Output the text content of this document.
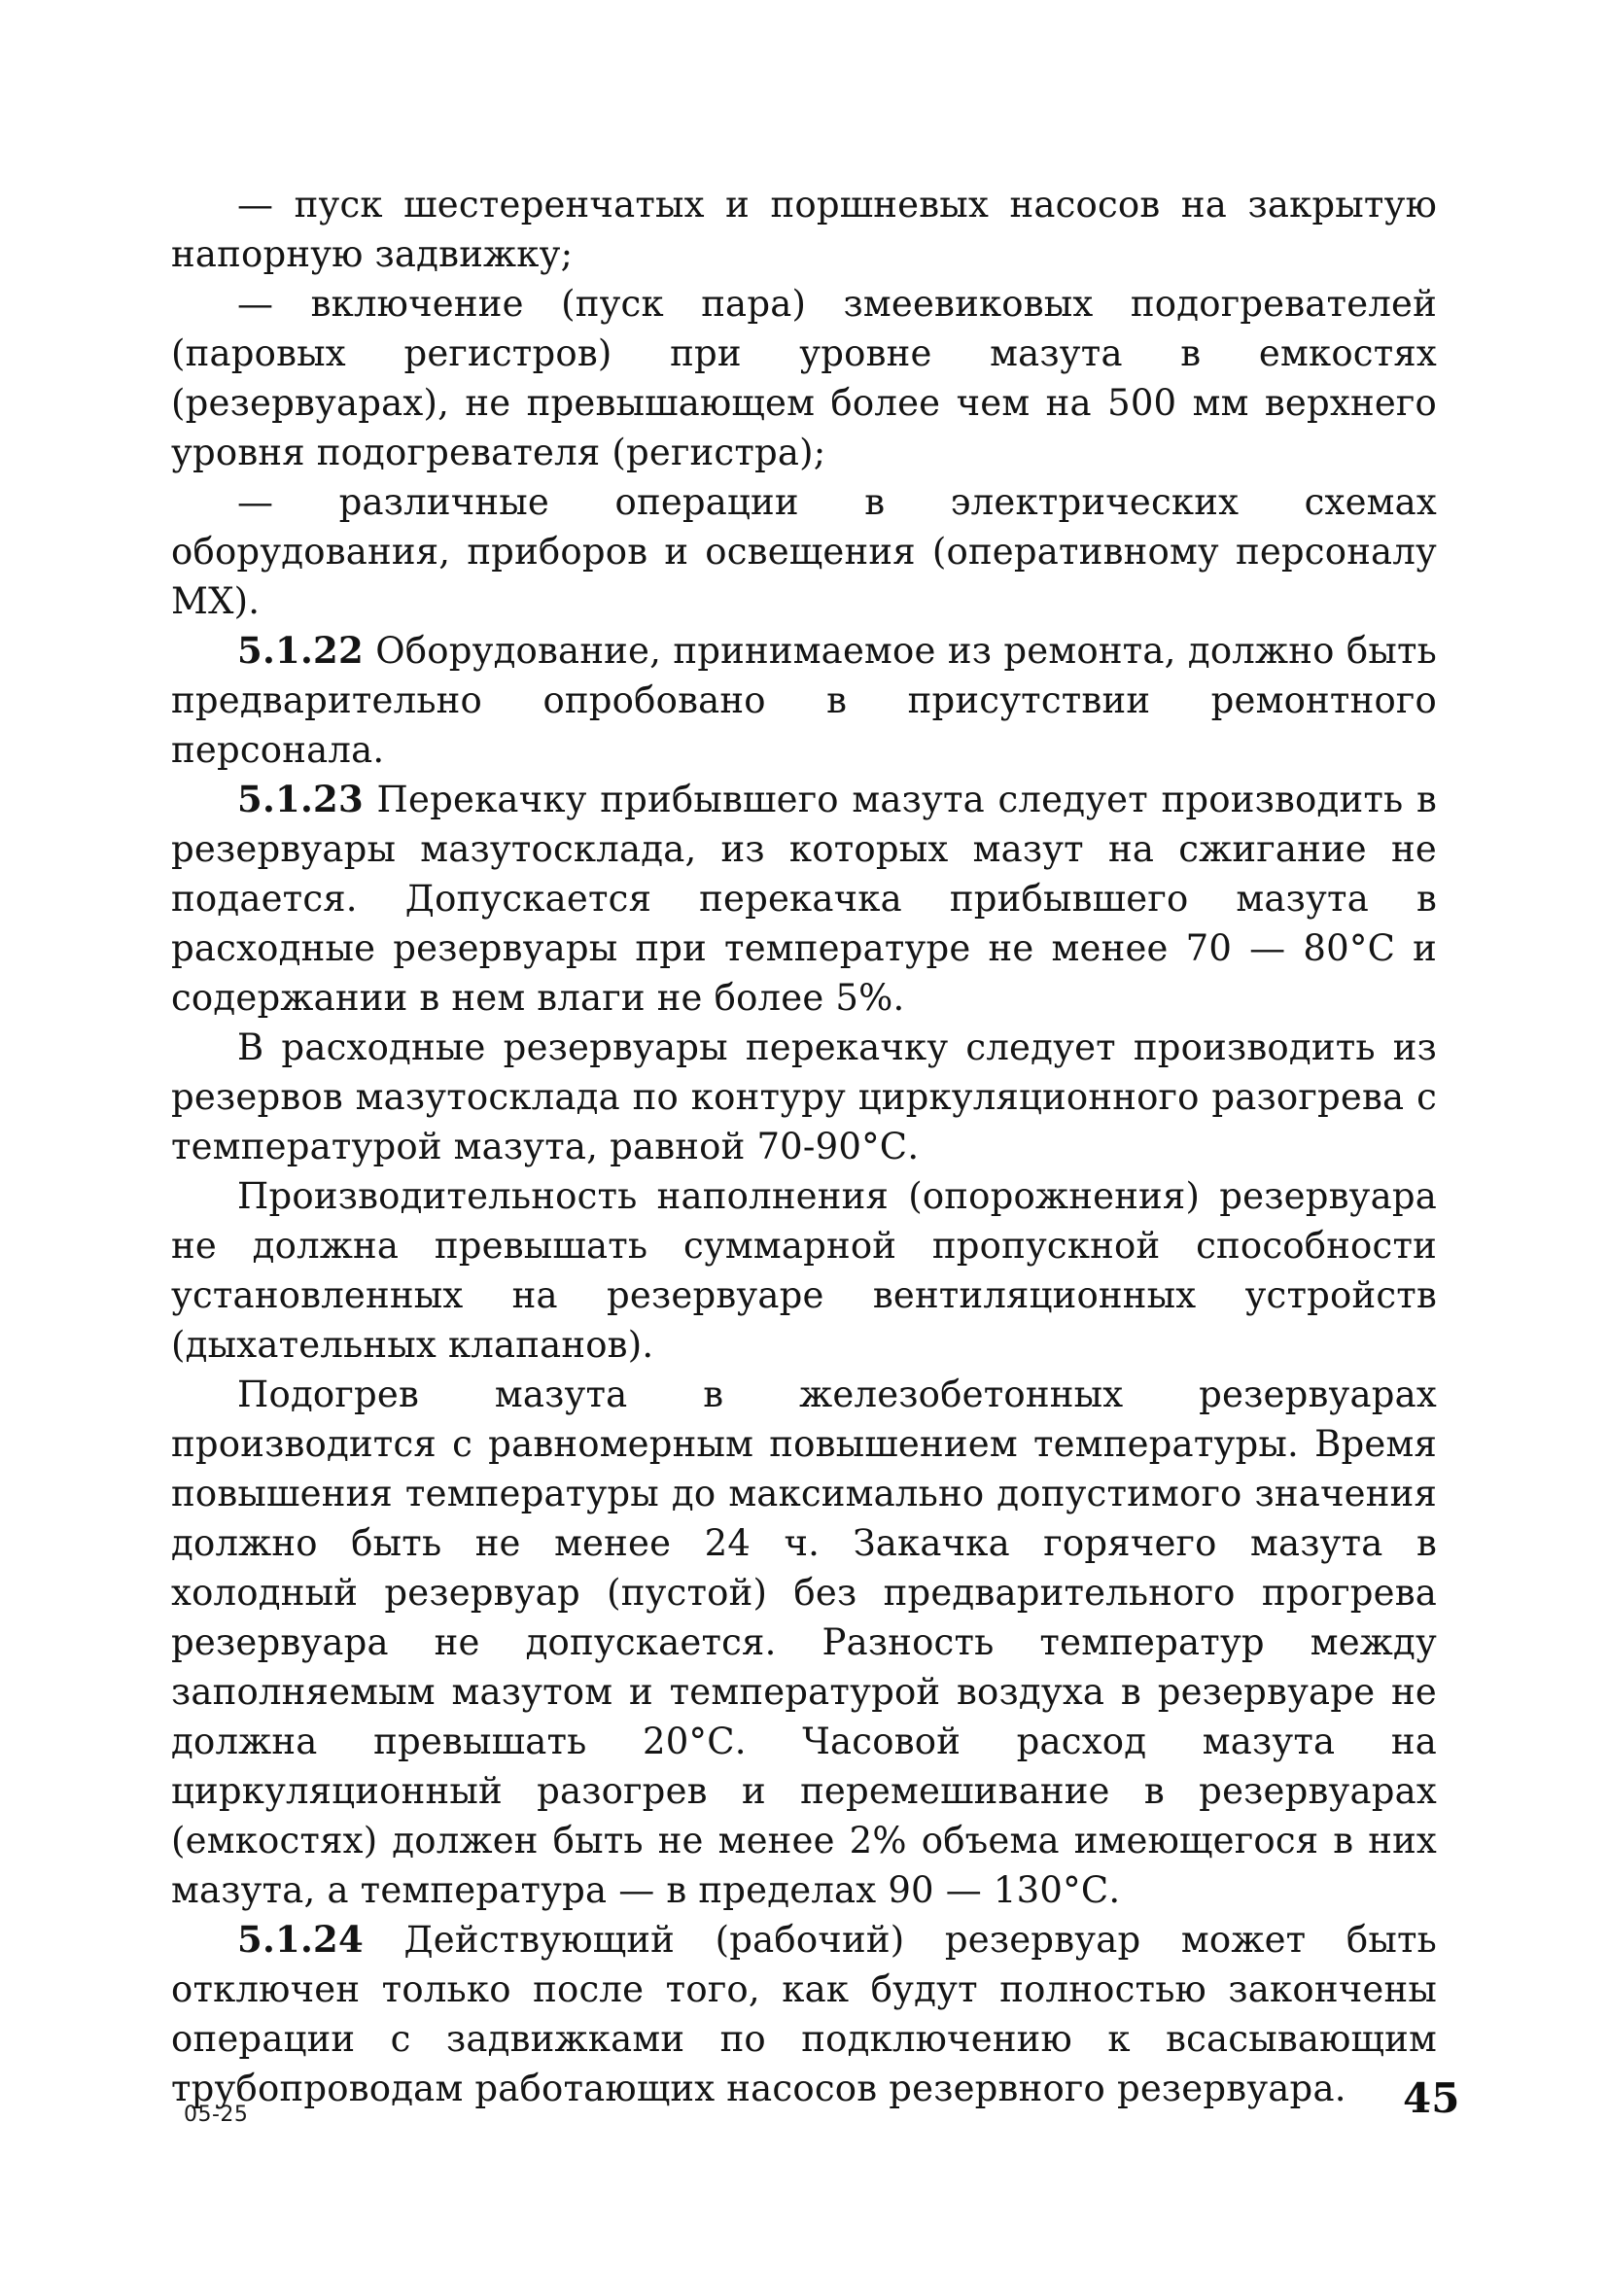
— пуск шестеренчатых и поршневых насосов на закрытую напорную задвижку;

— включение (пуск пара) змеевиковых подогревателей (паровых регистров) при уровне мазута в емкостях (резервуарах), не превышающем более чем на 500 мм верхнего уровня подогревателя (регистра);

— различные операции в электрических схемах оборудования, приборов и освещения (оперативному персоналу МХ).

5.1.22 Оборудование, принимаемое из ремонта, должно быть предварительно опробовано в присутствии ремонтного персонала.

5.1.23 Перекачку прибывшего мазута следует производить в резервуары мазутосклада, из которых мазут на сжигание не подается. Допускается перекачка прибывшего мазута в расходные резервуары при температуре не менее 70 — 80°С и содержании в нем влаги не более 5%.

В расходные резервуары перекачку следует производить из резервов мазутосклада по контуру циркуляционного разогрева с температурой мазута, равной 70-90°С.

Производительность наполнения (опорожнения) резервуара не должна превышать суммарной пропускной способности установленных на резервуаре вентиляционных устройств (дыхательных клапанов).

Подогрев мазута в железобетонных резервуарах производится с равномерным повышением температуры. Время повышения температуры до максимально допустимого значения должно быть не менее 24 ч. Закачка горячего мазута в холодный резервуар (пустой) без предварительного прогрева резервуара не допускается. Разность температур между заполняемым мазутом и температурой воздуха в резервуаре не должна превышать 20°С. Часовой расход мазута на циркуляционный разогрев и перемешивание в резервуарах (емкостях) должен быть не менее 2% объема имеющегося в них мазута, а температура — в пределах 90 — 130°С.

5.1.24 Действующий (рабочий) резервуар может быть отключен только после того, как будут полностью закончены операции с задвижками по подключению к всасывающим трубопроводам работающих насосов резервного резервуара.

05-25	45
